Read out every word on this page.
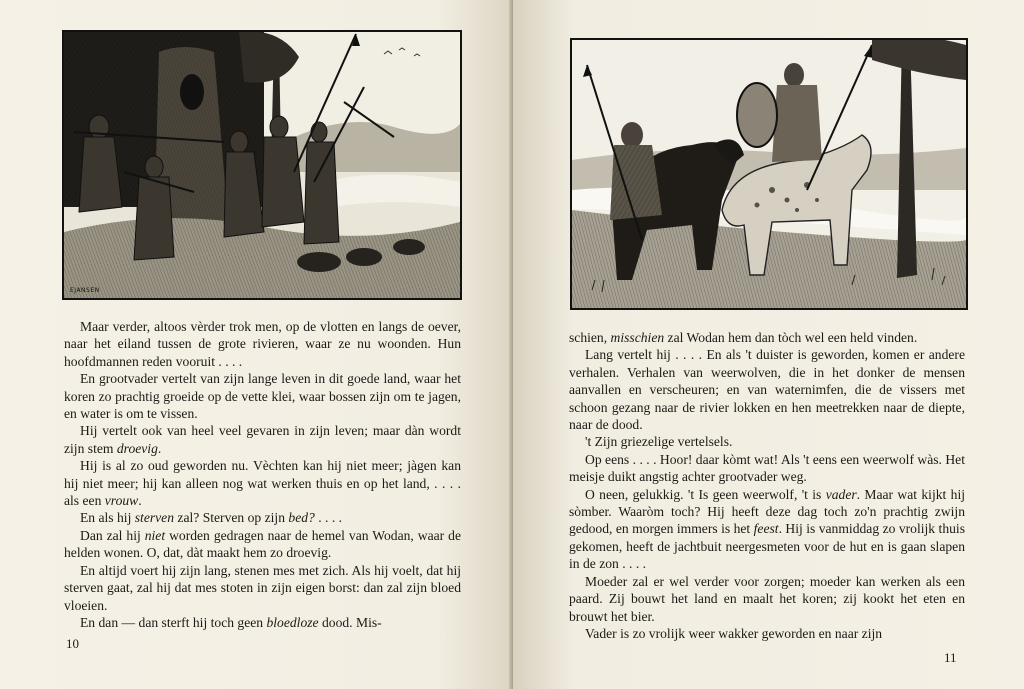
EJANSEN

Maar verder, altoos vèrder trok men, op de vlotten en langs de oever, naar het eiland tussen de grote rivieren, waar ze nu woonden. Hun hoofdmannen reden vooruit . . . .

En grootvader vertelt van zijn lange leven in dit goede land, waar het koren zo prachtig groeide op de vette klei, waar bossen zijn om te jagen, en water is om te vissen.

Hij vertelt ook van heel veel gevaren in zijn leven; maar dàn wordt zijn stem droevig.

Hij is al zo oud geworden nu. Vèchten kan hij niet meer; jàgen kan hij niet meer; hij kan alleen nog wat werken thuis en op het land, . . . . als een vrouw.

En als hij sterven zal? Sterven op zijn bed? . . . .

Dan zal hij niet worden gedragen naar de hemel van Wodan, waar de helden wonen. O, dat, dàt maakt hem zo droevig.

En altijd voert hij zijn lang, stenen mes met zich. Als hij voelt, dat hij sterven gaat, zal hij dat mes stoten in zijn eigen borst: dan zal zijn bloed vloeien.

En dan — dan sterft hij toch geen bloedloze dood. Mis-

10

schien, misschien zal Wodan hem dan tòch wel een held vinden.

Lang vertelt hij . . . . En als 't duister is geworden, komen er andere verhalen. Verhalen van weerwolven, die in het donker de mensen aanvallen en verscheuren; en van waternimfen, die de vissers met schoon gezang naar de rivier lokken en hen meetrekken naar de diepte, naar de dood.

't Zijn griezelige vertelsels.

Op eens . . . . Hoor! daar kòmt wat! Als 't eens een weerwolf wàs. Het meisje duikt angstig achter grootvader weg.

O neen, gelukkig. 't Is geen weerwolf, 't is vader. Maar wat kijkt hij sòmber. Waaròm toch? Hij heeft deze dag toch zo'n prachtig zwijn gedood, en morgen immers is het feest. Hij is vanmiddag zo vrolijk thuis gekomen, heeft de jachtbuit neergesmeten voor de hut en is gaan slapen in de zon . . . .

Moeder zal er wel verder voor zorgen; moeder kan werken als een paard. Zij bouwt het land en maalt het koren; zij kookt het eten en brouwt het bier.

Vader is zo vrolijk weer wakker geworden en naar zijn

11
